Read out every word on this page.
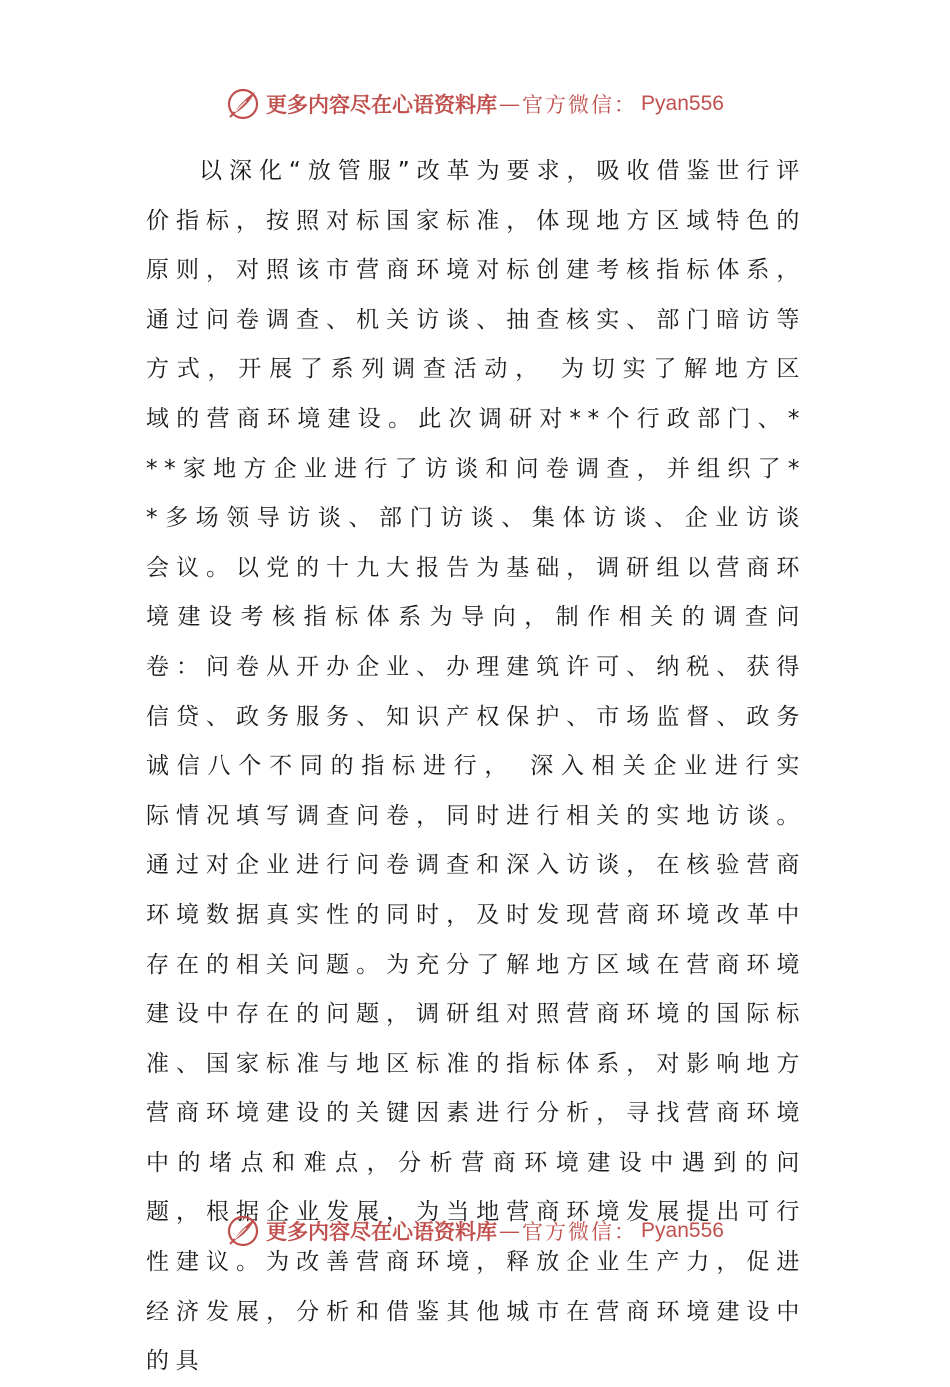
更多内容尽在心语资料库 — 官方微信： Pyan556

以深化“放管服”改革为要求，吸收借鉴世行评价指标，按照对标国家标准，体现地方区域特色的原则，对照该市营商环境对标创建考核指标体系，通过问卷调查、机关访谈、抽查核实、部门暗访等方式，开展了系列调查活动， 为切实了解地方区域的营商环境建设。此次调研对**个行政部门、***家地方企业进行了访谈和问卷调查，并组织了**多场领导访谈、部门访谈、集体访谈、企业访谈会议。以党的十九大报告为基础，调研组以营商环境建设考核指标体系为导向，制作相关的调查问卷：问卷从开办企业、办理建筑许可、纳税、获得信贷、政务服务、知识产权保护、市场监督、政务诚信八个不同的指标进行， 深入相关企业进行实际情况填写调查问卷，同时进行相关的实地访谈。通过对企业进行问卷调查和深入访谈，在核验营商环境数据真实性的同时，及时发现营商环境改革中存在的相关问题。为充分了解地方区域在营商环境建设中存在的问题，调研组对照营商环境的国际标准、国家标准与地区标准的指标体系，对影响地方营商环境建设的关键因素进行分析，寻找营商环境中的堵点和难点，分析营商环境建设中遇到的问题，根据企业发展，为当地营商环境发展提出可行性建议。为改善营商环境，释放企业生产力，促进经济发展，分析和借鉴其他城市在营商环境建设中的具

更多内容尽在心语资料库 — 官方微信： Pyan556
